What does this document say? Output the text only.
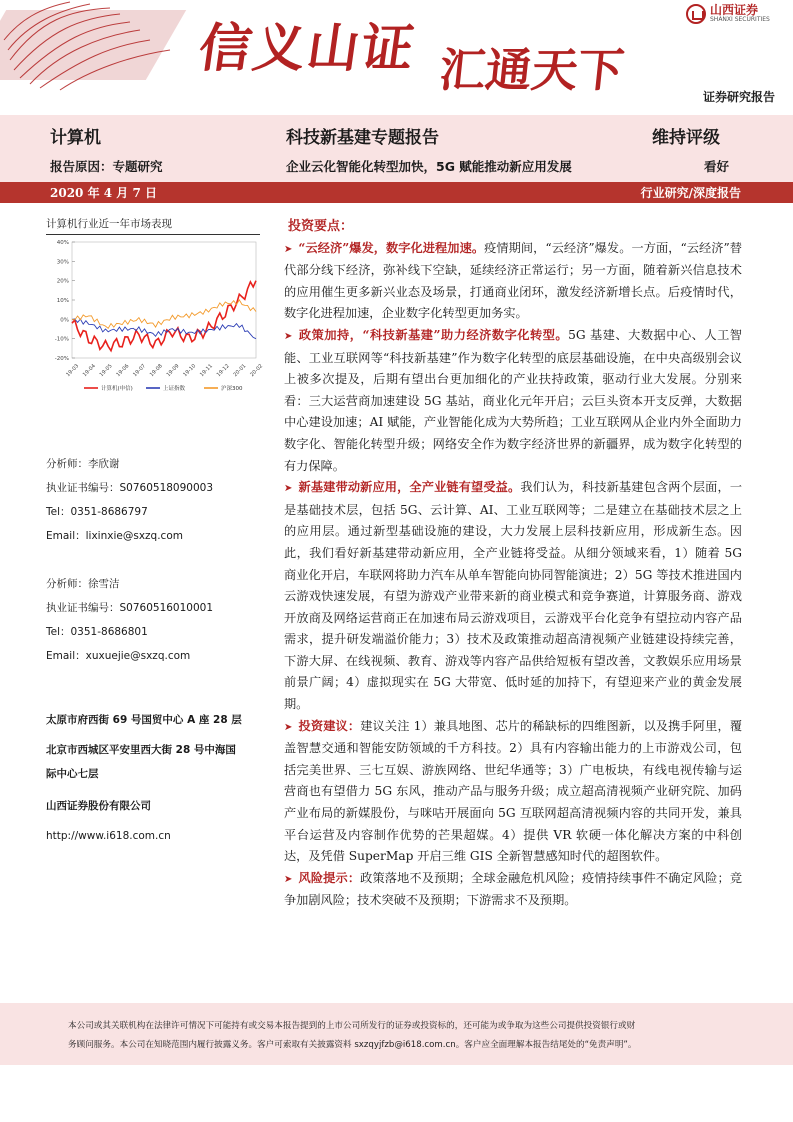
信义山证 汇通天下
山西证券
SHANXI SECURITIES
证券研究报告
计算机	科技新基建专题报告	维持评级
报告原因：专题研究	企业云化智能化转型加快，5G 赋能推动新应用发展	看好
2020 年 4 月 7 日	行业研究/深度报告
计算机行业近一年市场表现
40%
30%
20%
10%
0%
-10%
-20%
19-03 19-04 19-05 19-06 19-07 19-08 19-09 19-10 19-11 19-12 20-01 20-02
计算机(申信)	上证指数	沪深300
分析师：李欣谢
执业证书编号：S0760518090003
Tel：0351-8686797
Email：lixinxie@sxzq.com
分析师：徐雪洁
执业证书编号：S0760516010001
Tel：0351-8686801
Email：xuxuejie@sxzq.com
太原市府西街 69 号国贸中心 A 座 28 层
北京市西城区平安里西大街 28 号中海国
际中心七层
山西证券股份有限公司
http://www.i618.com.cn
投资要点：
➤ “云经济”爆发，数字化进程加速。疫情期间，“云经济”爆发。一方面，“云经济”替代部分线下经济，弥补线下空缺，延续经济正常运行；另一方面，随着新兴信息技术的应用催生更多新兴业态及场景，打通商业闭环，激发经济新增长点。后疫情时代，数字化进程加速，企业数字化转型更加务实。
➤ 政策加持，“科技新基建”助力经济数字化转型。5G 基建、大数据中心、人工智能、工业互联网等“科技新基建”作为数字化转型的底层基础设施，在中央高级别会议上被多次提及，后期有望出台更加细化的产业扶持政策，驱动行业大发展。分别来看：三大运营商加速建设 5G 基站，商业化元年开启；云巨头资本开支反弹，大数据中心建设加速；AI 赋能，产业智能化成为大势所趋；工业互联网从企业内外全面助力数字化、智能化转型升级；网络安全作为数字经济世界的新疆界，成为数字化转型的有力保障。
➤ 新基建带动新应用，全产业链有望受益。我们认为，科技新基建包含两个层面，一是基础技术层，包括 5G、云计算、AI、工业互联网等；二是建立在基础技术层之上的应用层。通过新型基础设施的建设，大力发展上层科技新应用，形成新生态。因此，我们看好新基建带动新应用，全产业链将受益。从细分领域来看，1）随着 5G 商业化开启，车联网将助力汽车从单车智能向协同智能演进；2）5G 等技术推进国内云游戏快速发展，有望为游戏产业带来新的商业模式和竞争赛道，计算服务商、游戏开放商及网络运营商正在加速布局云游戏项目，云游戏平台化竞争有望拉动内容产品需求，提升研发端溢价能力；3）技术及政策推动超高清视频产业链建设持续完善，下游大屏、在线视频、教育、游戏等内容产品供给短板有望改善，文教娱乐应用场景前景广阔；4）虚拟现实在 5G 大带宽、低时延的加持下，有望迎来产业的黄金发展期。
➤ 投资建议：建议关注 1）兼具地图、芯片的稀缺标的四维图新，以及携手阿里，覆盖智慧交通和智能安防领域的千方科技。2）具有内容输出能力的上市游戏公司，包括完美世界、三七互娱、游族网络、世纪华通等；3）广电板块，有线电视传输与运营商也有望借力 5G 东风，推动产品与服务升级；成立超高清视频产业研究院、加码产业布局的新媒股份，与咪咕开展面向 5G 互联网超高清视频内容的共同开发，兼具平台运营及内容制作优势的芒果超媒。4）提供 VR 软硬一体化解决方案的中科创达，及凭借 SuperMap 开启三维 GIS 全新智慧感知时代的超图软件。
➤ 风险提示：政策落地不及预期；全球金融危机风险；疫情持续事件不确定风险；竞争加剧风险；技术突破不及预期；下游需求不及预期。
本公司或其关联机构在法律许可情况下可能持有或交易本报告提到的上市公司所发行的证券或投资标的，还可能为或争取为这些公司提供投资银行或财
务顾问服务。本公司在知晓范围内履行披露义务。客户可索取有关披露资料 sxzqyjfzb@i618.com.cn。客户应全面理解本报告结尾处的“免责声明”。
